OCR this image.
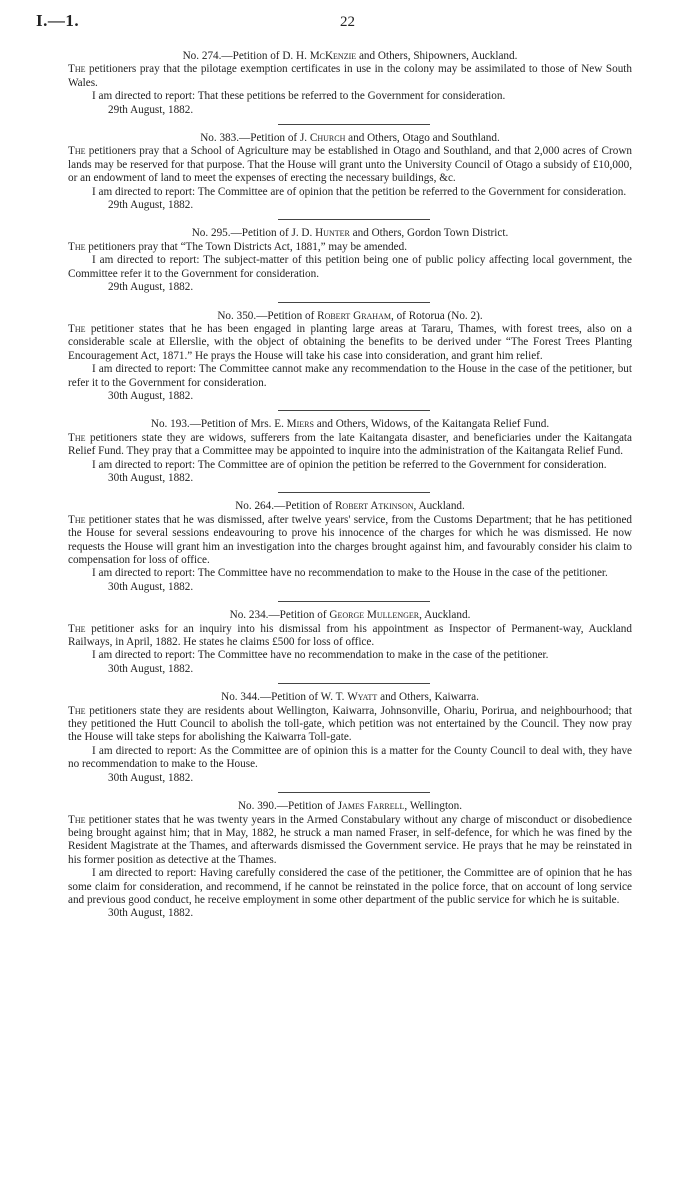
I.—1.	22

No. 274.—Petition of D. H. McKenzie and Others, Shipowners, Auckland.

The petitioners pray that the pilotage exemption certificates in use in the colony may be assimilated to those of New South Wales.

I am directed to report: That these petitions be referred to the Government for consideration.

29th August, 1882.

No. 383.—Petition of J. Church and Others, Otago and Southland.

The petitioners pray that a School of Agriculture may be established in Otago and Southland, and that 2,000 acres of Crown lands may be reserved for that purpose. That the House will grant unto the University Council of Otago a subsidy of £10,000, or an endowment of land to meet the expenses of erecting the necessary buildings, &c.

I am directed to report: The Committee are of opinion that the petition be referred to the Government for consideration.

29th August, 1882.

No. 295.—Petition of J. D. Hunter and Others, Gordon Town District.

The petitioners pray that “The Town Districts Act, 1881,” may be amended.

I am directed to report: The subject-matter of this petition being one of public policy affecting local government, the Committee refer it to the Government for consideration.

29th August, 1882.

No. 350.—Petition of Robert Graham, of Rotorua (No. 2).

The petitioner states that he has been engaged in planting large areas at Tararu, Thames, with forest trees, also on a considerable scale at Ellerslie, with the object of obtaining the benefits to be derived under “The Forest Trees Planting Encouragement Act, 1871.” He prays the House will take his case into consideration, and grant him relief.

I am directed to report: The Committee cannot make any recommendation to the House in the case of the petitioner, but refer it to the Government for consideration.

30th August, 1882.

No. 193.—Petition of Mrs. E. Miers and Others, Widows, of the Kaitangata Relief Fund.

The petitioners state they are widows, sufferers from the late Kaitangata disaster, and beneficiaries under the Kaitangata Relief Fund. They pray that a Committee may be appointed to inquire into the administration of the Kaitangata Relief Fund.

I am directed to report: The Committee are of opinion the petition be referred to the Government for consideration.

30th August, 1882.

No. 264.—Petition of Robert Atkinson, Auckland.

The petitioner states that he was dismissed, after twelve years' service, from the Customs Department; that he has petitioned the House for several sessions endeavouring to prove his innocence of the charges for which he was dismissed. He now requests the House will grant him an investigation into the charges brought against him, and favourably consider his claim to compensation for loss of office.

I am directed to report: The Committee have no recommendation to make to the House in the case of the petitioner.

30th August, 1882.

No. 234.—Petition of George Mullenger, Auckland.

The petitioner asks for an inquiry into his dismissal from his appointment as Inspector of Permanent-way, Auckland Railways, in April, 1882. He states he claims £500 for loss of office.

I am directed to report: The Committee have no recommendation to make in the case of the petitioner.

30th August, 1882.

No. 344.—Petition of W. T. Wyatt and Others, Kaiwarra.

The petitioners state they are residents about Wellington, Kaiwarra, Johnsonville, Ohariu, Porirua, and neighbourhood; that they petitioned the Hutt Council to abolish the toll-gate, which petition was not entertained by the Council. They now pray the House will take steps for abolishing the Kaiwarra Toll-gate.

I am directed to report: As the Committee are of opinion this is a matter for the County Council to deal with, they have no recommendation to make to the House.

30th August, 1882.

No. 390.—Petition of James Farrell, Wellington.

The petitioner states that he was twenty years in the Armed Constabulary without any charge of misconduct or disobedience being brought against him; that in May, 1882, he struck a man named Fraser, in self-defence, for which he was fined by the Resident Magistrate at the Thames, and afterwards dismissed the Government service. He prays that he may be reinstated in his former position as detective at the Thames.

I am directed to report: Having carefully considered the case of the petitioner, the Committee are of opinion that he has some claim for consideration, and recommend, if he cannot be reinstated in the police force, that on account of long service and previous good conduct, he receive employment in some other department of the public service for which he is suitable.

30th August, 1882.
